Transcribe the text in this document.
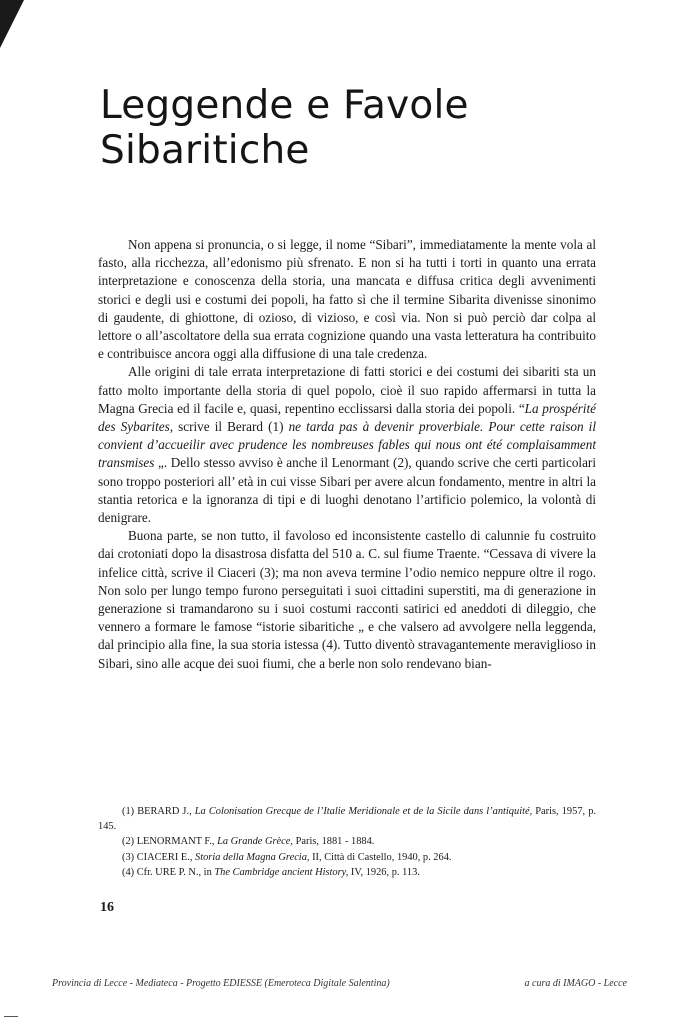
Leggende e Favole Sibaritiche

Non appena si pronuncia, o si legge, il nome “Sibari”, immediatamente la mente vola al fasto, alla ricchezza, all’edonismo più sfrenato. E non si ha tutti i torti in quanto una errata interpretazione e conoscenza della storia, una mancata e diffusa critica degli avvenimenti storici e degli usi e costumi dei popoli, ha fatto sì che il termine Sibarita divenisse sinonimo di gaudente, di ghiottone, di ozioso, di vizioso, e così via. Non si può perciò dar colpa al lettore o all’ascoltatore della sua errata cognizione quando una vasta letteratura ha contribuito e contribuisce ancora oggi alla diffusione di una tale credenza.

Alle origini di tale errata interpretazione di fatti storici e dei costumi dei sibariti sta un fatto molto importante della storia di quel popolo, cioè il suo rapido affermarsi in tutta la Magna Grecia ed il facile e, quasi, repentino ecclissarsi dalla storia dei popoli. “La prospérité des Sybarites, scrive il Berard (1) ne tarda pas à devenir proverbiale. Pour cette raison il convient d’accueilir avec prudence les nombreuses fables qui nous ont été complaisamment transmises „. Dello stesso avviso è anche il Lenormant (2), quando scrive che certi particolari sono troppo posteriori all’ età in cui visse Sibari per avere alcun fondamento, mentre in altri la stantia retorica e la ignoranza di tipi e di luoghi denotano l’artificio polemico, la volontà di denigrare.

Buona parte, se non tutto, il favoloso ed inconsistente castello di calunnie fu costruito dai crotoniati dopo la disastrosa disfatta del 510 a. C. sul fiume Traente. “Cessava di vivere la infelice città, scrive il Ciaceri (3); ma non aveva termine l’odio nemico neppure oltre il rogo. Non solo per lungo tempo furono perseguitati i suoi cittadini superstiti, ma di generazione in generazione si tramandarono su i suoi costumi racconti satirici ed aneddoti di dileggio, che vennero a formare le famose “istorie sibaritiche „ e che valsero ad avvolgere nella leggenda, dal principio alla fine, la sua storia istessa (4). Tutto diventò stravagantemente meraviglioso in Sibari, sino alle acque dei suoi fiumi, che a berle non solo rendevano bian-

(1) BERARD J., La Colonisation Grecque de l’Italie Meridionale et de la Sicile dans l’antiquité, Paris, 1957, p. 145.

(2) LENORMANT F., La Grande Grèce, Paris, 1881 - 1884.

(3) CIACERI E., Storia della Magna Grecia, II, Città di Castello, 1940, p. 264.

(4) Cfr. URE P. N., in The Cambridge ancient History, IV, 1926, p. 113.

16
Provincia di Lecce - Mediateca - Progetto EDIESSE (Emeroteca Digitale Salentina)	a cura di IMAGO - Lecce
